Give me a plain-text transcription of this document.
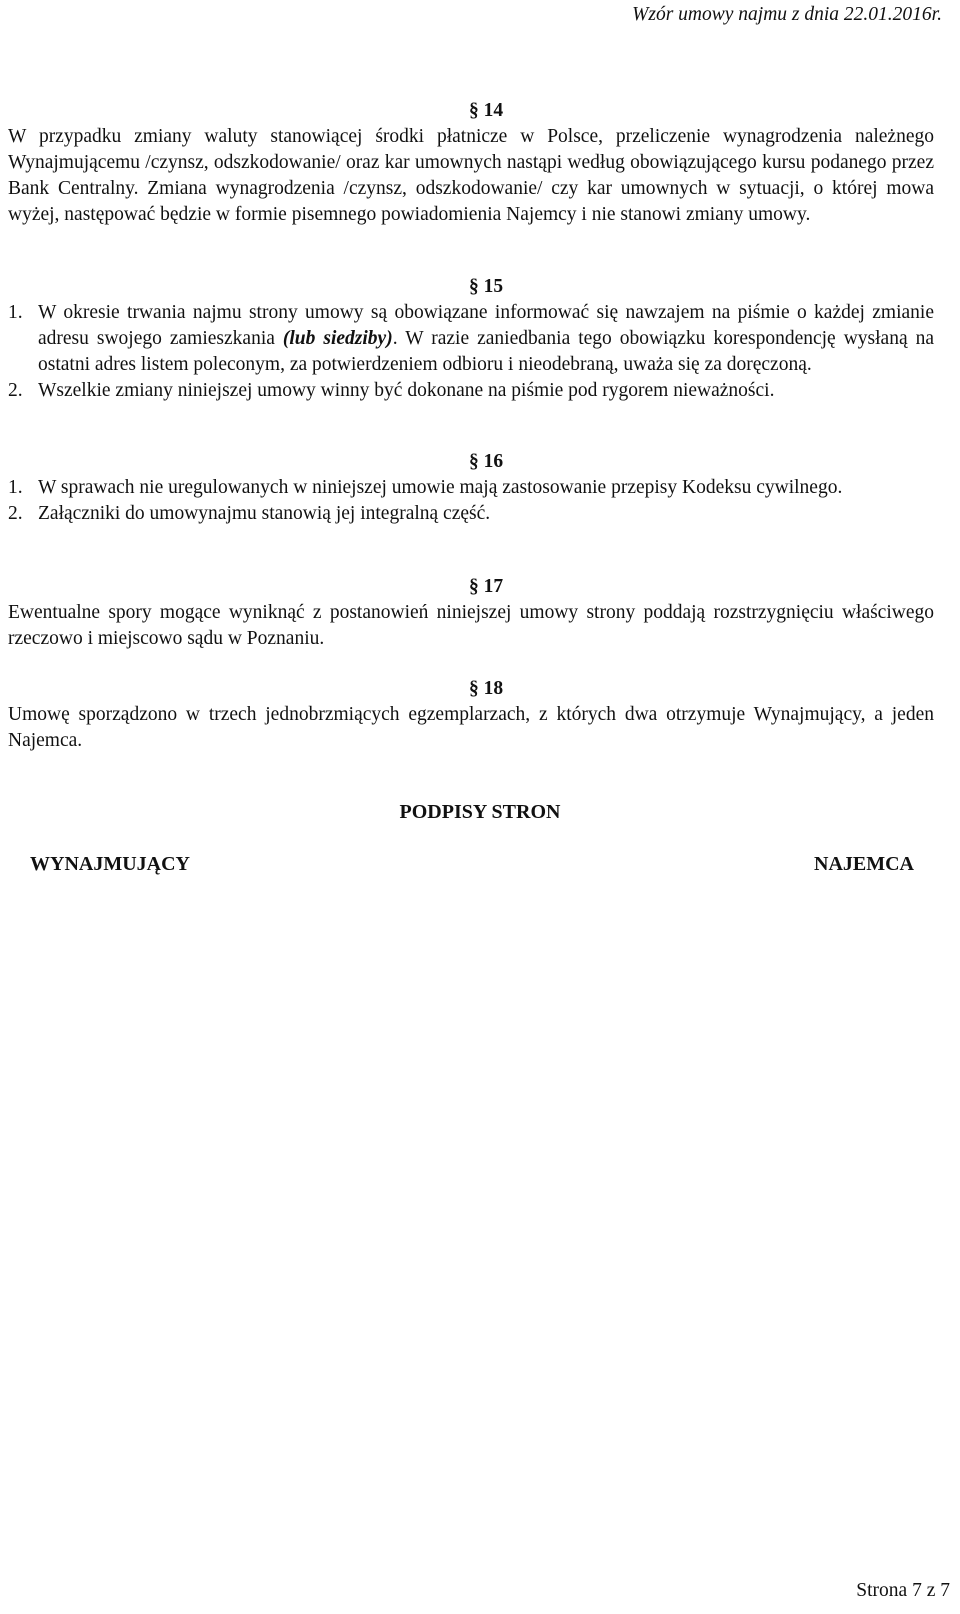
Wzór umowy najmu z dnia 22.01.2016r.

§ 14

W przypadku zmiany waluty stanowiącej środki płatnicze w Polsce, przeliczenie wynagrodzenia należnego Wynajmującemu /czynsz, odszkodowanie/ oraz kar umownych nastąpi według obowiązującego kursu podanego przez Bank Centralny. Zmiana wynagrodzenia /czynsz, odszkodowanie/ czy kar umownych w sytuacji, o której mowa wyżej, następować będzie w formie pisemnego powiadomienia Najemcy i nie stanowi zmiany umowy.

§ 15

1. W okresie trwania najmu strony umowy są obowiązane informować się nawzajem na piśmie o każdej zmianie adresu swojego zamieszkania (lub siedziby). W razie zaniedbania tego obowiązku korespondencję wysłaną na ostatni adres listem poleconym, za potwierdzeniem odbioru i nieodebraną, uważa się za doręczoną.

2. Wszelkie zmiany niniejszej umowy winny być dokonane na piśmie pod rygorem nieważności.

§ 16

1. W sprawach nie uregulowanych w niniejszej umowie mają zastosowanie przepisy Kodeksu cywilnego.

2. Załączniki do umowynajmu stanowią jej integralną część.

§ 17

Ewentualne spory mogące wyniknąć z postanowień niniejszej umowy strony poddają rozstrzygnięciu właściwego rzeczowo i miejscowo sądu w Poznaniu.

§ 18

Umowę sporządzono w trzech jednobrzmiących egzemplarzach, z których dwa otrzymuje Wynajmujący, a jeden Najemca.

PODPISY STRON
WYNAJMUJĄCY	NAJEMCA
Strona 7 z 7
